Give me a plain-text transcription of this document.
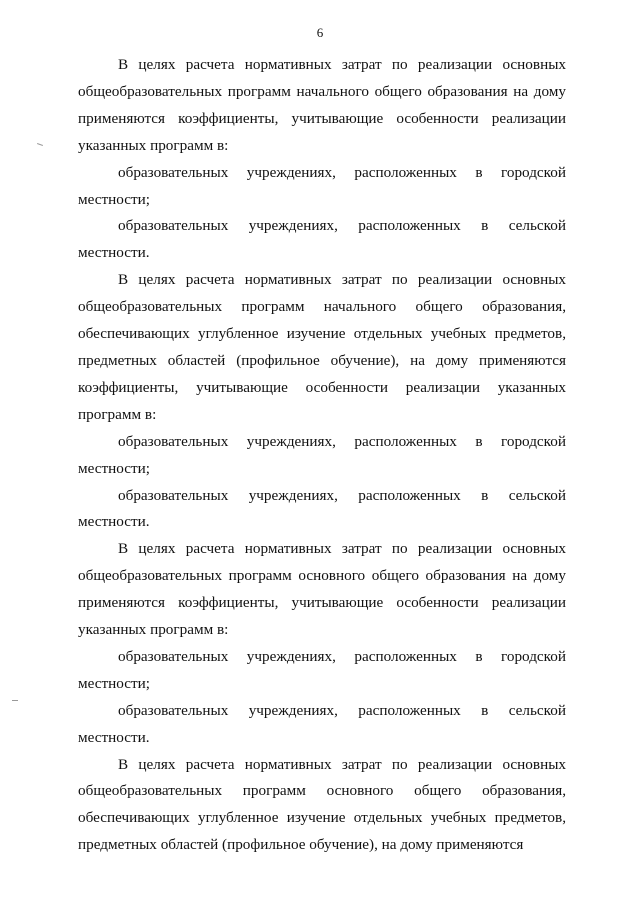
6

В целях расчета нормативных затрат по реализации основных общеобразовательных программ начального общего образования на дому применяются коэффициенты, учитывающие особенности реализации указанных программ в:

образовательных учреждениях, расположенных в городской местности;

образовательных учреждениях, расположенных в сельской местности.

В целях расчета нормативных затрат по реализации основных общеобразовательных программ начального общего образования, обеспечивающих углубленное изучение отдельных учебных предметов, предметных областей (профильное обучение), на дому применяются коэффициенты, учитывающие особенности реализации указанных программ в:

образовательных учреждениях, расположенных в городской местности;

образовательных учреждениях, расположенных в сельской местности.

В целях расчета нормативных затрат по реализации основных общеобразовательных программ основного общего образования на дому применяются коэффициенты, учитывающие особенности реализации указанных программ в:

образовательных учреждениях, расположенных в городской местности;

образовательных учреждениях, расположенных в сельской местности.

В целях расчета нормативных затрат по реализации основных общеобразовательных программ основного общего образования, обеспечивающих углубленное изучение отдельных учебных предметов, предметных областей (профильное обучение), на дому применяются
